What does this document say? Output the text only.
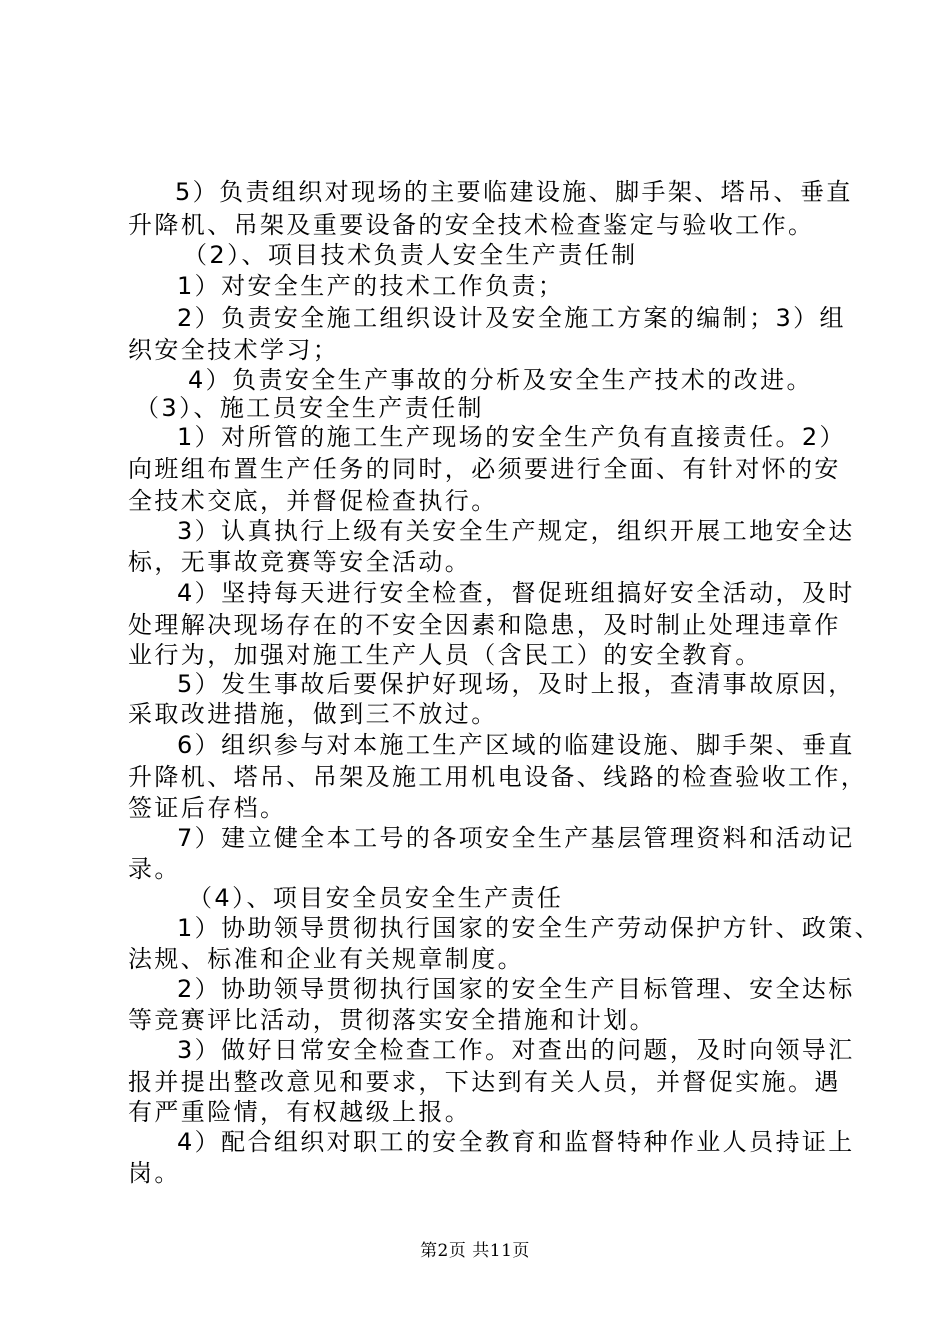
5）负责组织对现场的主要临建设施、脚手架、塔吊、垂直
升降机、吊架及重要设备的安全技术检查鉴定与验收工作。
（2）、项目技术负责人安全生产责任制
1）对安全生产的技术工作负责；
2）负责安全施工组织设计及安全施工方案的编制；3）组
织安全技术学习；
4）负责安全生产事故的分析及安全生产技术的改进。
（3）、施工员安全生产责任制
1）对所管的施工生产现场的安全生产负有直接责任。2）
向班组布置生产任务的同时，必须要进行全面、有针对怀的安
全技术交底，并督促检查执行。
3）认真执行上级有关安全生产规定，组织开展工地安全达
标，无事故竞赛等安全活动。
4）坚持每天进行安全检查，督促班组搞好安全活动，及时
处理解决现场存在的不安全因素和隐患，及时制止处理违章作
业行为，加强对施工生产人员（含民工）的安全教育。
5）发生事故后要保护好现场，及时上报，查清事故原因，
采取改进措施，做到三不放过。
6）组织参与对本施工生产区域的临建设施、脚手架、垂直
升降机、塔吊、吊架及施工用机电设备、线路的检查验收工作，
签证后存档。
7）建立健全本工号的各项安全生产基层管理资料和活动记
录。
（4）、项目安全员安全生产责任
1）协助领导贯彻执行国家的安全生产劳动保护方针、政策、
法规、标准和企业有关规章制度。
2）协助领导贯彻执行国家的安全生产目标管理、安全达标
等竞赛评比活动，贯彻落实安全措施和计划。
3）做好日常安全检查工作。对查出的问题，及时向领导汇
报并提出整改意见和要求，下达到有关人员，并督促实施。遇
有严重险情，有权越级上报。
4）配合组织对职工的安全教育和监督特种作业人员持证上
岗。
第2页 共11页
